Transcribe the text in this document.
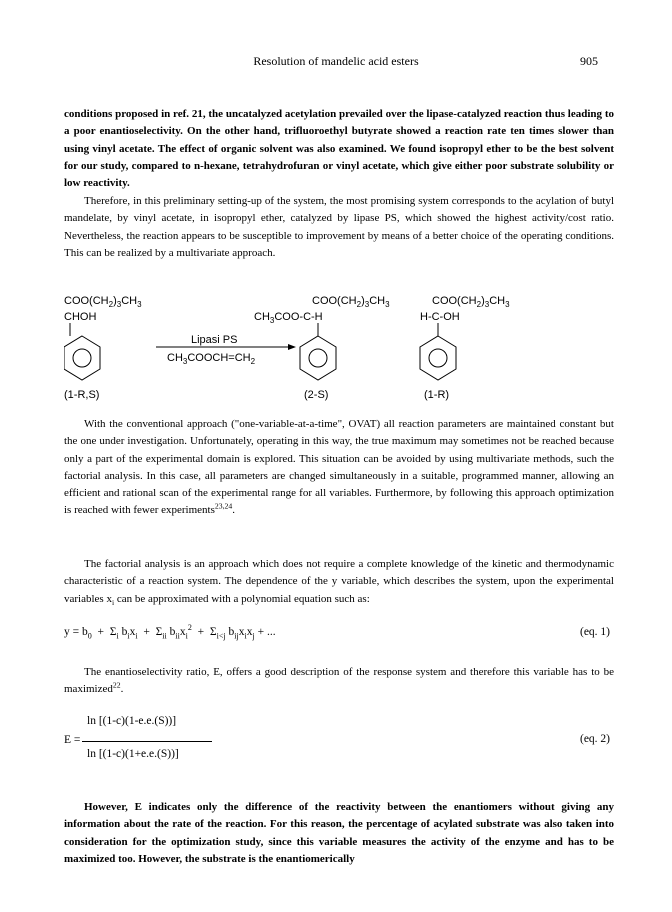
Resolution of mandelic acid esters	905

conditions proposed in ref. 21, the uncatalyzed acetylation prevailed over the lipase-catalyzed reaction thus leading to a poor enantioselectivity. On the other hand, trifluoroethyl butyrate showed a reaction rate ten times slower than using vinyl acetate. The effect of organic solvent was also examined. We found isopropyl ether to be the best solvent for our study, compared to n-hexane, tetrahydrofuran or vinyl acetate, which give either poor substrate solubility or low reactivity.

Therefore, in this preliminary setting-up of the system, the most promising system corresponds to the acylation of butyl mandelate, by vinyl acetate, in isopropyl ether, catalyzed by lipase PS, which showed the highest activity/cost ratio. Nevertheless, the reaction appears to be susceptible to improvement by means of a better choice of the operating conditions. This can be realized by a multivariate approach.

$COO(CH_2)_3CH_3$
CHOH
(1-R,S)
Lipasi PS
$CH_3COOCH=CH_2$
$COO(CH_2)_3CH_3$
$CH_3COO-C-H$
(2-S)
$COO(CH_2)_3CH_3$
H-C-OH
(1-R)

With the conventional approach ("one-variable-at-a-time", OVAT) all reaction parameters are maintained constant but the one under investigation. Unfortunately, operating in this way, the true maximum may sometimes not be reached because only a part of the experimental domain is explored. This situation can be avoided by using multivariate methods, such the factorial analysis. In this case, all parameters are changed simultaneously in a suitable, programmed manner, allowing an efficient and rational scan of the experimental range for all variables. Furthermore, by following this approach optimization is reached with fewer experiments$^{23,24}$.

The factorial analysis is an approach which does not require a complete knowledge of the kinetic and thermodynamic characteristic of a reaction system. The dependence of the y variable, which describes the system, upon the experimental variables $x_i$ can be approximated with a polynomial equation such as:

$y = b_0 + \Sigma_i$ $b_ix_i + \Sigma_{ii}$ $b_{ii}x_i^2 + \Sigma_{i<j}$ $b_{ij}x_ix_j$ + ...	(eq. 1)

The enantioselectivity ratio, E, offers a good description of the response system and therefore this variable has to be maximized$^{22}$.

E =
ln [(1-c)(1-e.e.(S))]
ln [(1-c)(1+e.e.(S))]
(eq. 2)

However, E indicates only the difference of the reactivity between the enantiomers without giving any information about the rate of the reaction. For this reason, the percentage of acylated substrate was also taken into consideration for the optimization study, since this variable measures the activity of the enzyme and has to be maximized too. However, the substrate is the enantiomerically
